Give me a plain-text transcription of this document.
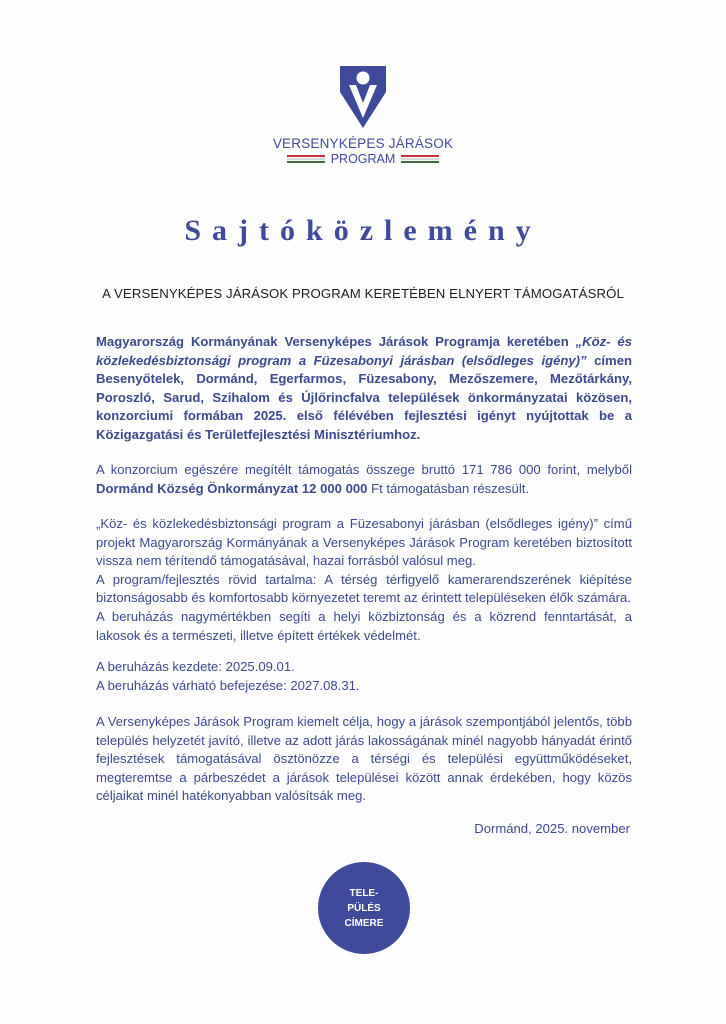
VERSENYKÉPES JÁRÁSOK
PROGRAM
Sajtóközlemény
A VERSENYKÉPES JÁRÁSOK PROGRAM KERETÉBEN ELNYERT TÁMOGATÁSRÓL

Magyarország Kormányának Versenyképes Járások Programja keretében „Köz- és közlekedésbiztonsági program a Füzesabonyi járásban (elsődleges igény)” címen Besenyőtelek, Dormánd, Egerfarmos, Füzesabony, Mezőszemere, Mezőtárkány, Poroszló, Sarud, Szihalom és Újlőrincfalva települések önkormányzatai közösen, konzorciumi formában 2025. első félévében fejlesztési igényt nyújtottak be a Közigazgatási és Területfejlesztési Minisztériumhoz.

A konzorcium egészére megítélt támogatás összege bruttó 171 786 000 forint, melyből Dormánd Község Önkormányzat 12 000 000 Ft támogatásban részesült.

„Köz- és közlekedésbiztonsági program a Füzesabonyi járásban (elsődleges igény)” című projekt Magyarország Kormányának a Versenyképes Járások Program keretében biztosított vissza nem térítendő támogatásával, hazai forrásból valósul meg.

A program/fejlesztés rövid tartalma: A térség térfigyelő kamerarendszerének kiépítése biztonságosabb és komfortosabb környezetet teremt az érintett településeken élők számára.

A beruházás nagymértékben segíti a helyi közbiztonság és a közrend fenntartását, a lakosok és a természeti, illetve épített értékek védelmét.

A beruházás kezdete: 2025.09.01.

A beruházás várható befejezése: 2027.08.31.

A Versenyképes Járások Program kiemelt célja, hogy a járások szempontjából jelentős, több település helyzetét javító, illetve az adott járás lakosságának minél nagyobb hányadát érintő fejlesztések támogatásával ösztönözze a térségi és települési együttműködéseket, megteremtse a párbeszédet a járások települései között annak érdekében, hogy közös céljaikat minél hatékonyabban valósítsák meg.

Dormánd, 2025. november
TELE-
PÜLÉS
CÍMERE
